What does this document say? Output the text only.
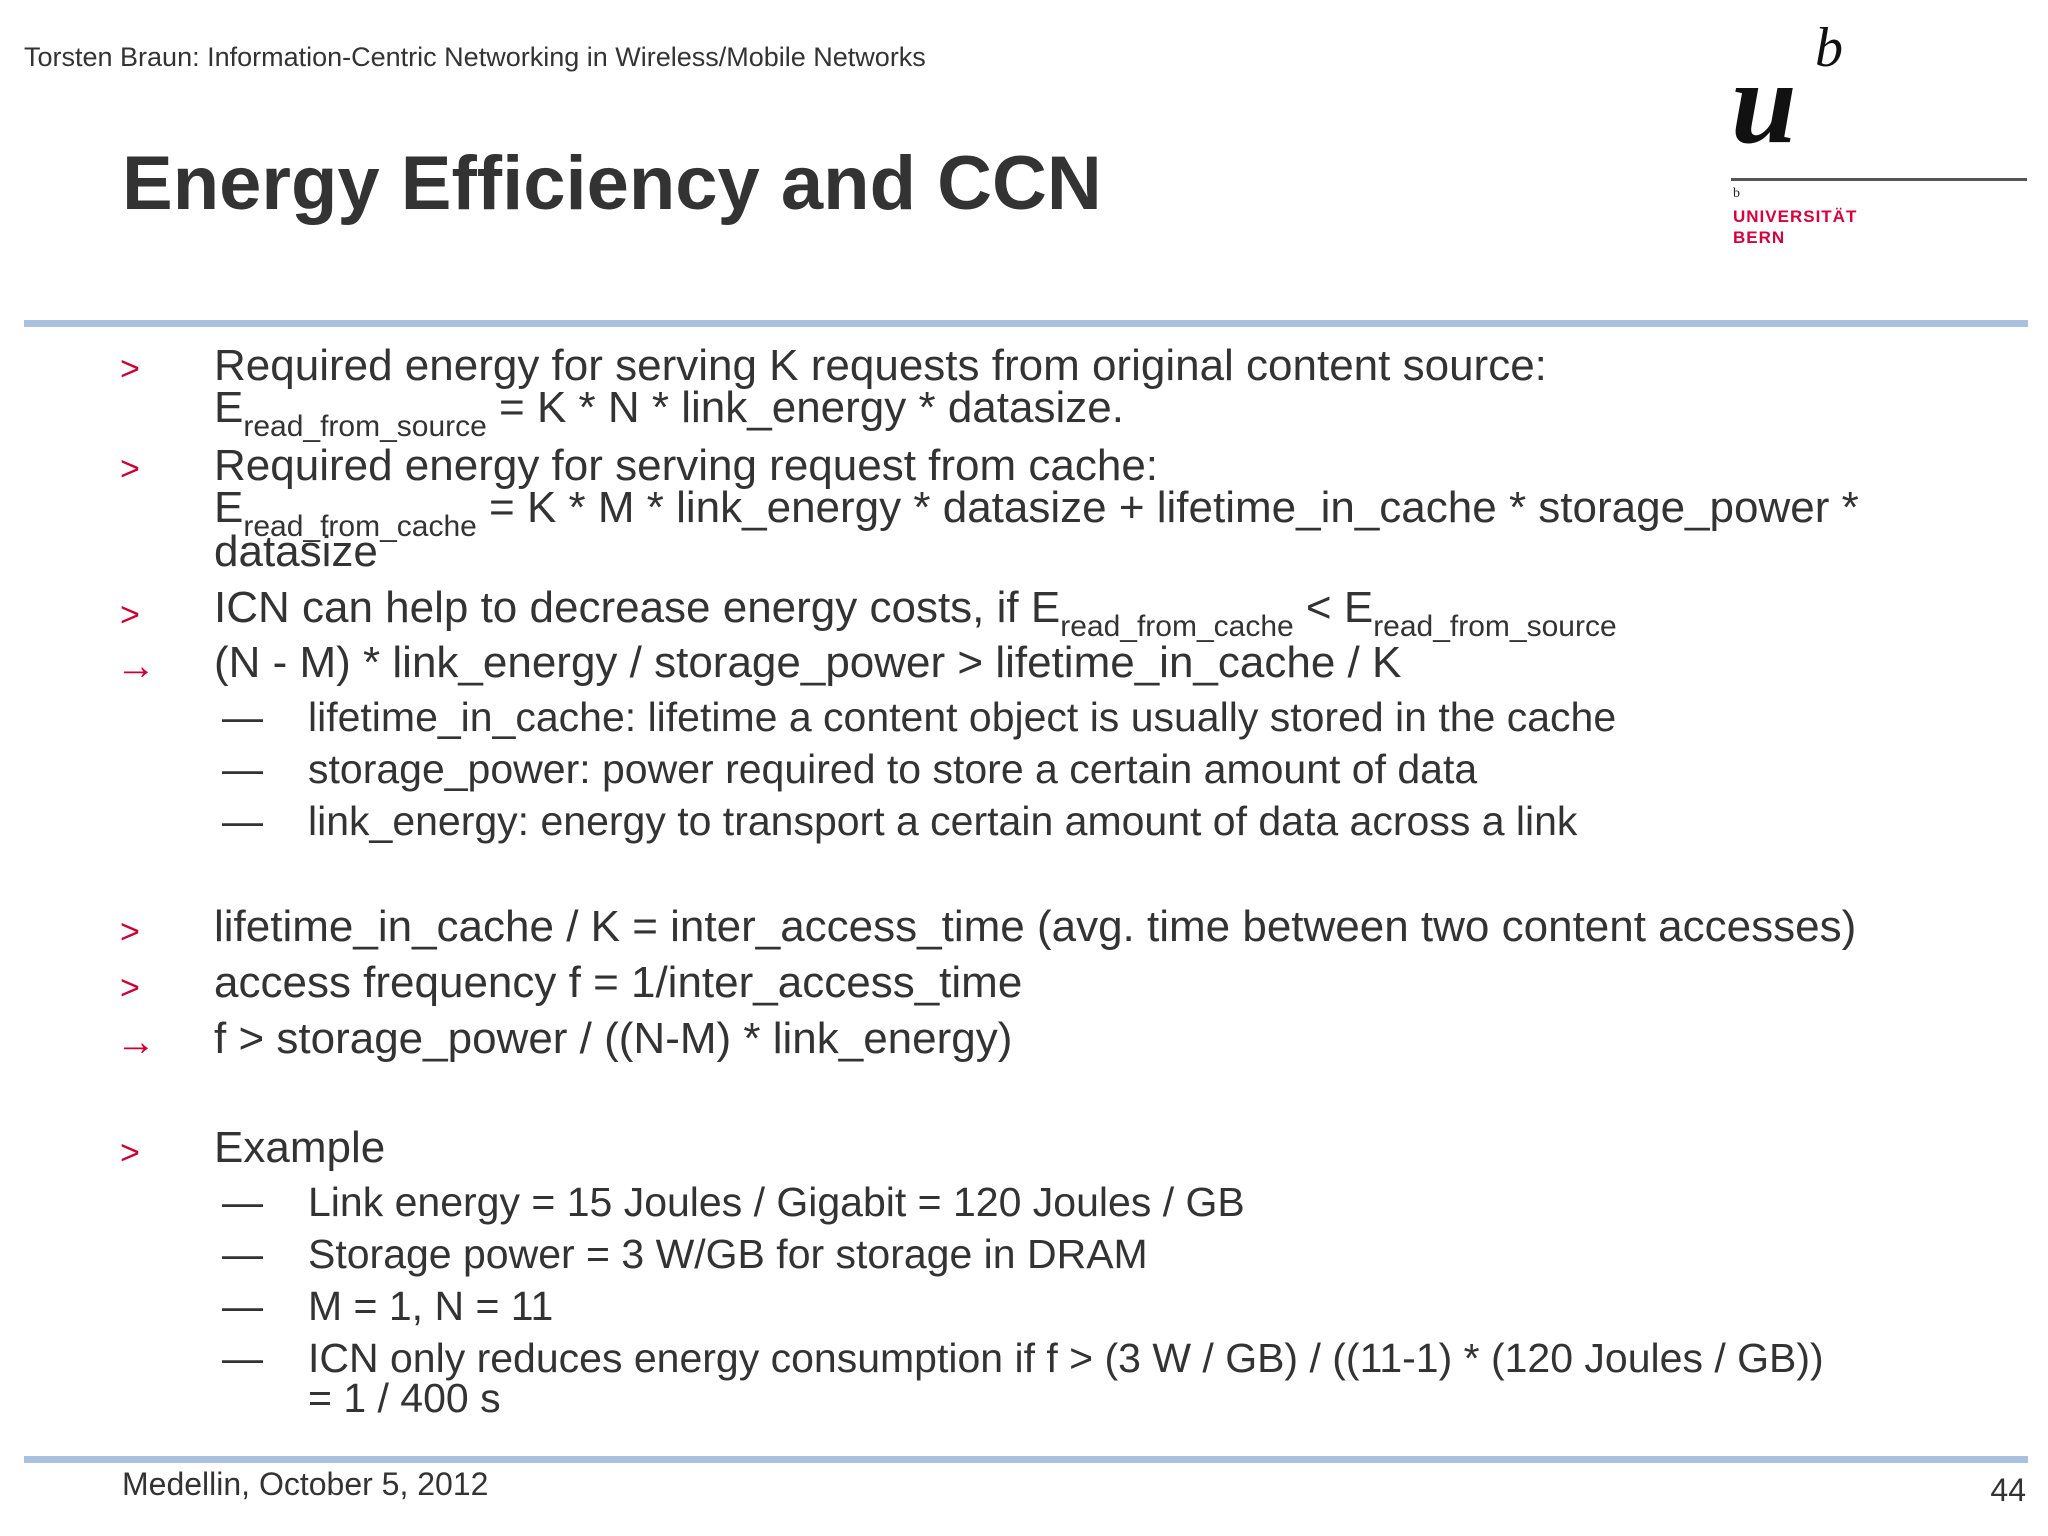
Torsten Braun: Information-Centric Networking in Wireless/Mobile Networks
Energy Efficiency and CCN
u b
b
UNIVERSITÄT
BERN
> Required energy for serving K requests from original content source:
$E_{read\_from\_source} = K * N$ * link_energy * datasize.
> Required energy for serving request from cache:
$E_{read\_from\_cache} = K * M$ * link_energy * datasize + lifetime_in_cache * storage_power *
datasize
> ICN can help to decrease energy costs, if $E_{read\_from\_cache} < E_{read\_from\_source}$
→ (N - M) * link_energy / storage_power > lifetime_in_cache / K
— lifetime_in_cache: lifetime a content object is usually stored in the cache
— storage_power: power required to store a certain amount of data
— link_energy: energy to transport a certain amount of data across a link
> lifetime_in_cache / K = inter_access_time (avg. time between two content accesses)
> access frequency f = 1/inter_access_time
→ f > storage_power / ((N-M) * link_energy)
> Example
— Link energy = 15 Joules / Gigabit = 120 Joules / GB
— Storage power = 3 W/GB for storage in DRAM
— M = 1, N = 11
— ICN only reduces energy consumption if f > (3 W / GB) / ((11-1) * (120 Joules / GB))
= 1 / 400 s
Medellin, October 5, 2012	44
